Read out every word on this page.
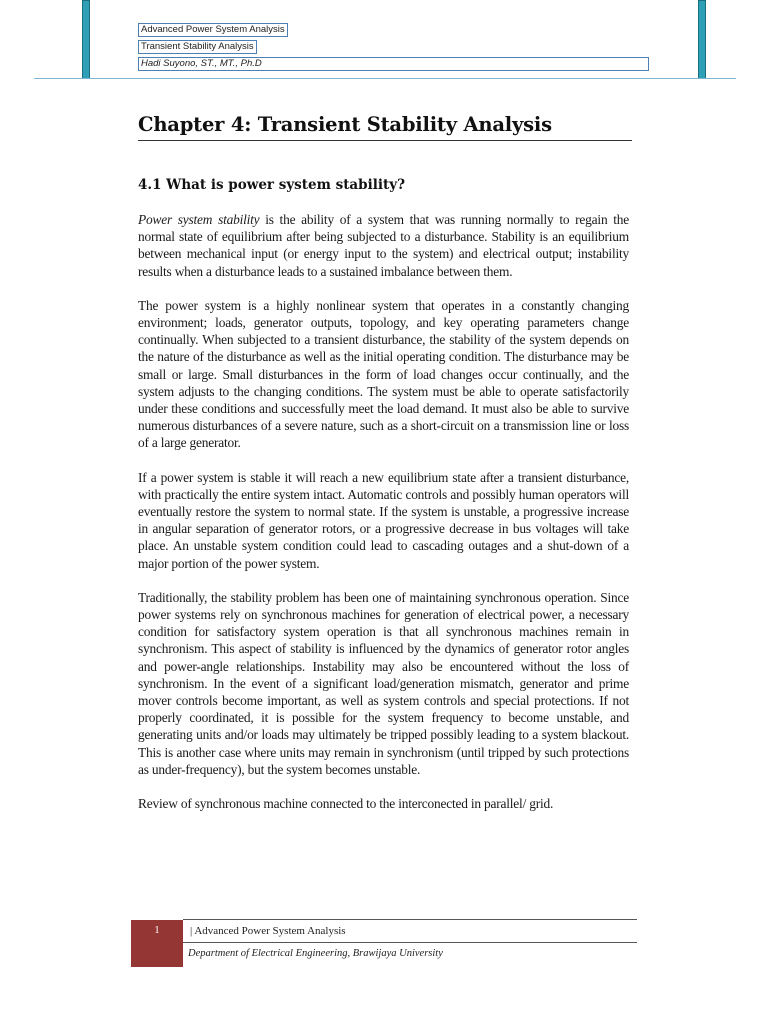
Advanced Power System Analysis
Transient Stability Analysis
Hadi Suyono, ST., MT., Ph.D
Chapter 4: Transient Stability Analysis
4.1 What is power system stability?

Power system stability is the ability of a system that was running normally to regain the normal state of equilibrium after being subjected to a disturbance. Stability is an equilibrium between mechanical input (or energy input to the system) and electrical output; instability results when a disturbance leads to a sustained imbalance between them.

The power system is a highly nonlinear system that operates in a constantly changing environment; loads, generator outputs, topology, and key operating parameters change continually. When subjected to a transient disturbance, the stability of the system depends on the nature of the disturbance as well as the initial operating condition. The disturbance may be small or large. Small disturbances in the form of load changes occur continually, and the system adjusts to the changing conditions. The system must be able to operate satisfactorily under these conditions and successfully meet the load demand. It must also be able to survive numerous disturbances of a severe nature, such as a short-circuit on a transmission line or loss of a large generator.

If a power system is stable it will reach a new equilibrium state after a transient disturbance, with practically the entire system intact. Automatic controls and possibly human operators will eventually restore the system to normal state. If the system is unstable, a progressive increase in angular separation of generator rotors, or a progressive decrease in bus voltages will take place. An unstable system condition could lead to cascading outages and a shut-down of a major portion of the power system.

Traditionally, the stability problem has been one of maintaining synchronous operation. Since power systems rely on synchronous machines for generation of electrical power, a necessary condition for satisfactory system operation is that all synchronous machines remain in synchronism. This aspect of stability is influenced by the dynamics of generator rotor angles and power-angle relationships. Instability may also be encountered without the loss of synchronism. In the event of a significant load/generation mismatch, generator and prime mover controls become important, as well as system controls and special protections. If not properly coordinated, it is possible for the system frequency to become unstable, and generating units and/or loads may ultimately be tripped possibly leading to a system blackout. This is another case where units may remain in synchronism (until tripped by such protections as under-frequency), but the system becomes unstable.

Review of synchronous machine connected to the interconected in parallel/ grid.

1	| Advanced Power System Analysis
Department of Electrical Engineering, Brawijaya University
